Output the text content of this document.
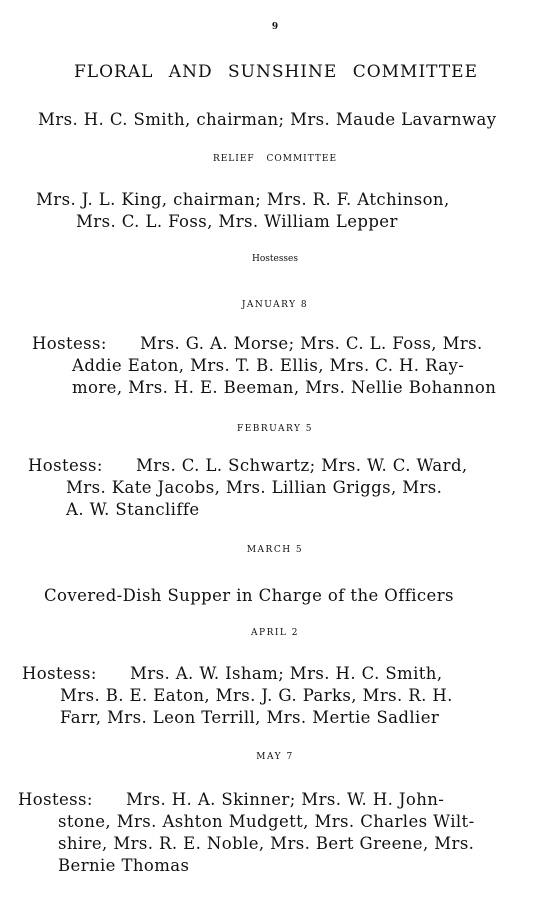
9
FLORAL AND SUNSHINE COMMITTEE
Mrs. H. C. Smith, chairman; Mrs. Maude Lavarnway
RELIEF COMMITTEE
Mrs. J. L. King, chairman; Mrs. R. F. Atchinson,
Mrs. C. L. Foss, Mrs. William Lepper
Hostesses
JANUARY 8
Hostess: Mrs. G. A. Morse; Mrs. C. L. Foss, Mrs.
Addie Eaton, Mrs. T. B. Ellis, Mrs. C. H. Ray-
more, Mrs. H. E. Beeman, Mrs. Nellie Bohannon
FEBRUARY 5
Hostess: Mrs. C. L. Schwartz; Mrs. W. C. Ward,
Mrs. Kate Jacobs, Mrs. Lillian Griggs, Mrs.
A. W. Stancliffe
MARCH 5
Covered-Dish Supper in Charge of the Officers
APRIL 2
Hostess: Mrs. A. W. Isham; Mrs. H. C. Smith,
Mrs. B. E. Eaton, Mrs. J. G. Parks, Mrs. R. H.
Farr, Mrs. Leon Terrill, Mrs. Mertie Sadlier
MAY 7
Hostess: Mrs. H. A. Skinner; Mrs. W. H. John-
stone, Mrs. Ashton Mudgett, Mrs. Charles Wilt-
shire, Mrs. R. E. Noble, Mrs. Bert Greene, Mrs.
Bernie Thomas
